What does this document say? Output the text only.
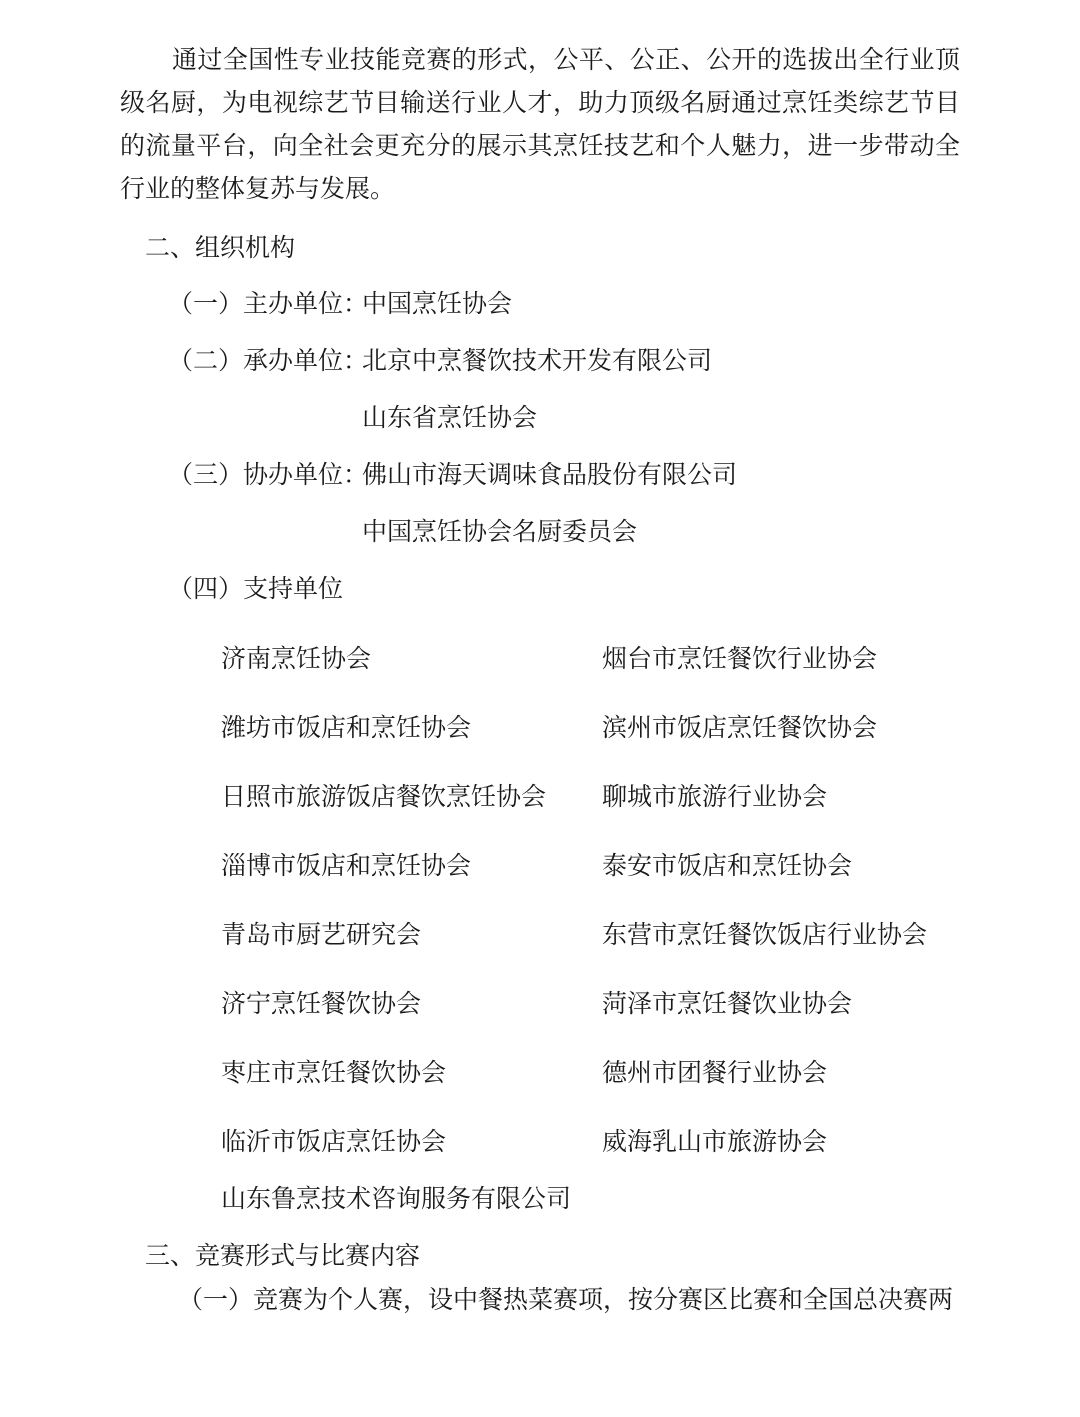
通过全国性专业技能竞赛的形式，公平、公正、公开的选拔出全行业顶

级名厨，为电视综艺节目输送行业人才，助力顶级名厨通过烹饪类综艺节目

的流量平台，向全社会更充分的展示其烹饪技艺和个人魅力，进一步带动全

行业的整体复苏与发展。

二、组织机构
（一）主办单位：
中国烹饪协会
（二）承办单位：
北京中烹餐饮技术开发有限公司
山东省烹饪协会
（三）协办单位：
佛山市海天调味食品股份有限公司
中国烹饪协会名厨委员会
（四）支持单位
济南烹饪协会	烟台市烹饪餐饮行业协会
潍坊市饭店和烹饪协会	滨州市饭店烹饪餐饮协会
日照市旅游饭店餐饮烹饪协会 聊城市旅游行业协会
淄博市饭店和烹饪协会	泰安市饭店和烹饪协会
青岛市厨艺研究会	东营市烹饪餐饮饭店行业协会
济宁烹饪餐饮协会	菏泽市烹饪餐饮业协会
枣庄市烹饪餐饮协会	德州市团餐行业协会
临沂市饭店烹饪协会	威海乳山市旅游协会
山东鲁烹技术咨询服务有限公司
三、竞赛形式与比赛内容
（一）竞赛为个人赛，设中餐热菜赛项，按分赛区比赛和全国总决赛两
